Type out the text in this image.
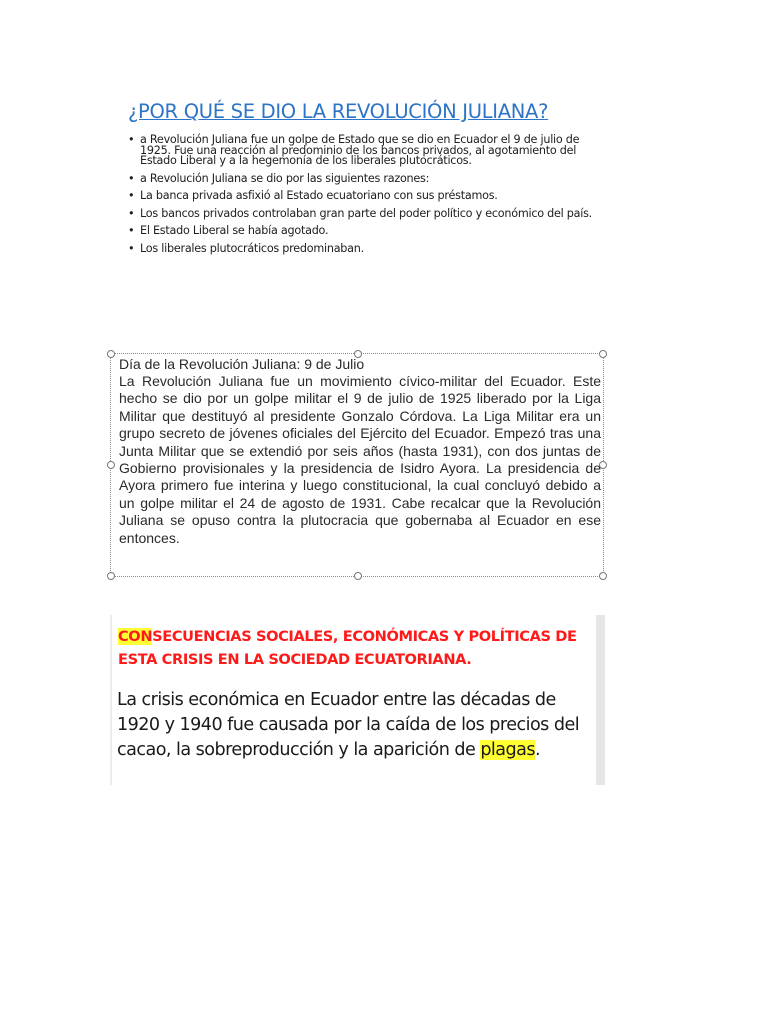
¿POR QUÉ SE DIO LA REVOLUCIÓN JULIANA?
• a Revolución Juliana fue un golpe de Estado que se dio en Ecuador el 9 de julio de 1925. Fue una reacción al predominio de los bancos privados, al agotamiento del Estado Liberal y a la hegemonía de los liberales plutocráticos.
• a Revolución Juliana se dio por las siguientes razones:
• La banca privada asfixió al Estado ecuatoriano con sus préstamos.
• Los bancos privados controlaban gran parte del poder político y económico del país.
• El Estado Liberal se había agotado.
• Los liberales plutocráticos predominaban.
Día de la Revolución Juliana: 9 de Julio
La Revolución Juliana fue un movimiento cívico-militar del Ecuador. Este hecho se dio por un golpe militar el 9 de julio de 1925 liberado por la Liga Militar que destituyó al presidente Gonzalo Córdova. La Liga Militar era un grupo secreto de jóvenes oficiales del Ejército del Ecuador. Empezó tras una Junta Militar que se extendió por seis años (hasta 1931), con dos juntas de Gobierno provisionales y la presidencia de Isidro Ayora. La presidencia de Ayora primero fue interina y luego constitucional, la cual concluyó debido a un golpe militar el 24 de agosto de 1931. Cabe recalcar que la Revolución Juliana se opuso contra la plutocracia que gobernaba al Ecuador en ese entonces.
CONSECUENCIAS SOCIALES, ECONÓMICAS Y POLÍTICAS DE ESTA CRISIS EN LA SOCIEDAD ECUATORIANA.
La crisis económica en Ecuador entre las décadas de 1920 y 1940 fue causada por la caída de los precios del cacao, la sobreproducción y la aparición de plagas.
